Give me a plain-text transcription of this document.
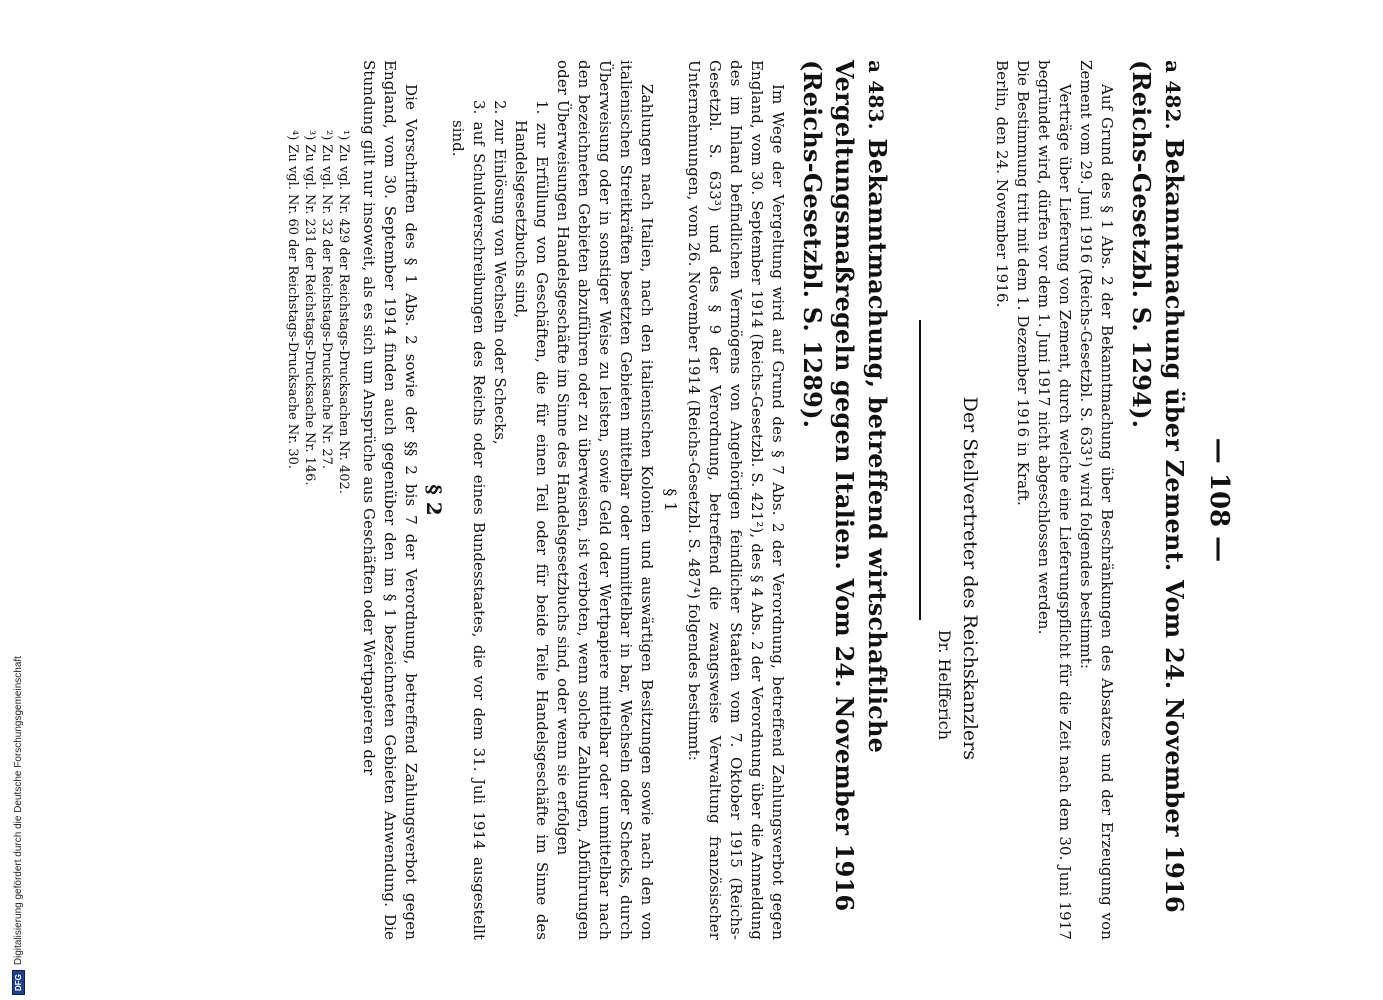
— 108 —
a 482. Bekanntmachung über Zement. Vom 24. November 1916 (Reichs-Gesetzbl. S. 1294).

Auf Grund des § 1 Abs. 2 der Bekanntmachung über Beschränkungen des Absatzes und der Erzeugung von Zement vom 29. Juni 1916 (Reichs-Gesetzbl. S. 633¹) wird folgendes bestimmt:

Verträge über Lieferung von Zement, durch welche eine Lieferungspflicht für die Zeit nach dem 30. Juni 1917 begründet wird, dürfen vor dem 1. Juni 1917 nicht abgeschlossen werden.

Die Bestimmung tritt mit dem 1. Dezember 1916 in Kraft.

Berlin, den 24. November 1916.

Der Stellvertreter des Reichskanzlers
Dr. Helfferich
a 483. Bekanntmachung, betreffend wirtschaftliche Vergeltungsmaßregeln gegen Italien. Vom 24. November 1916 (Reichs-Gesetzbl. S. 1289).

Im Wege der Vergeltung wird auf Grund des § 7 Abs. 2 der Verordnung, betreffend Zahlungsverbot gegen England, vom 30. September 1914 (Reichs-Gesetzbl. S. 421²), des § 4 Abs. 2 der Verordnung über die Anmeldung des im Inland befindlichen Vermögens von Angehörigen feindlicher Staaten vom 7. Oktober 1915 (Reichs-Gesetzbl. S. 633³) und des § 9 der Verordnung, betreffend die zwangsweise Verwaltung französischer Unternehmungen, vom 26. November 1914 (Reichs-Gesetzbl. S. 487⁴) folgendes bestimmt:

§ 1

Zahlungen nach Italien, nach den italienischen Kolonien und auswärtigen Besitzungen sowie nach den von italienischen Streitkräften besetzten Gebieten mittelbar oder unmittelbar in bar, Wechseln oder Schecks, durch Überweisung oder in sonstiger Weise zu leisten, sowie Geld oder Wertpapiere mittelbar oder unmittelbar nach den bezeichneten Gebieten abzuführen oder zu überweisen, ist verboten, wenn solche Zahlungen, Abführungen oder Überweisungen Handelsgeschäfte im Sinne des Handelsgesetzbuchs sind, oder wenn sie erfolgen

1. zur Erfüllung von Geschäften, die für einen Teil oder für beide Teile Handelsgeschäfte im Sinne des Handelsgesetzbuchs sind,
2. zur Einlösung von Wechseln oder Schecks,
3. auf Schuldverschreibungen des Reichs oder eines Bundesstaates, die vor dem 31. Juli 1914 ausgestellt sind.
§ 2

Die Vorschriften des § 1 Abs. 2 sowie der §§ 2 bis 7 der Verordnung, betreffend Zahlungsverbot gegen England, vom 30. September 1914 finden auch gegenüber den im § 1 bezeichneten Gebieten Anwendung. Die Stundung gilt nur insoweit, als es sich um Ansprüche aus Geschäften oder Wertpapieren der

¹) Zu vgl. Nr. 429 der Reichstags-Drucksachen Nr. 402.
²) Zu vgl. Nr. 32 der Reichstags-Drucksache Nr. 27.
³) Zu vgl. Nr. 231 der Reichstags-Drucksache Nr. 146.
⁴) Zu vgl. Nr. 60 der Reichstags-Drucksache Nr. 30.
DFG
Digitalisierung gefördert durch die Deutsche Forschungsgemeinschaft
